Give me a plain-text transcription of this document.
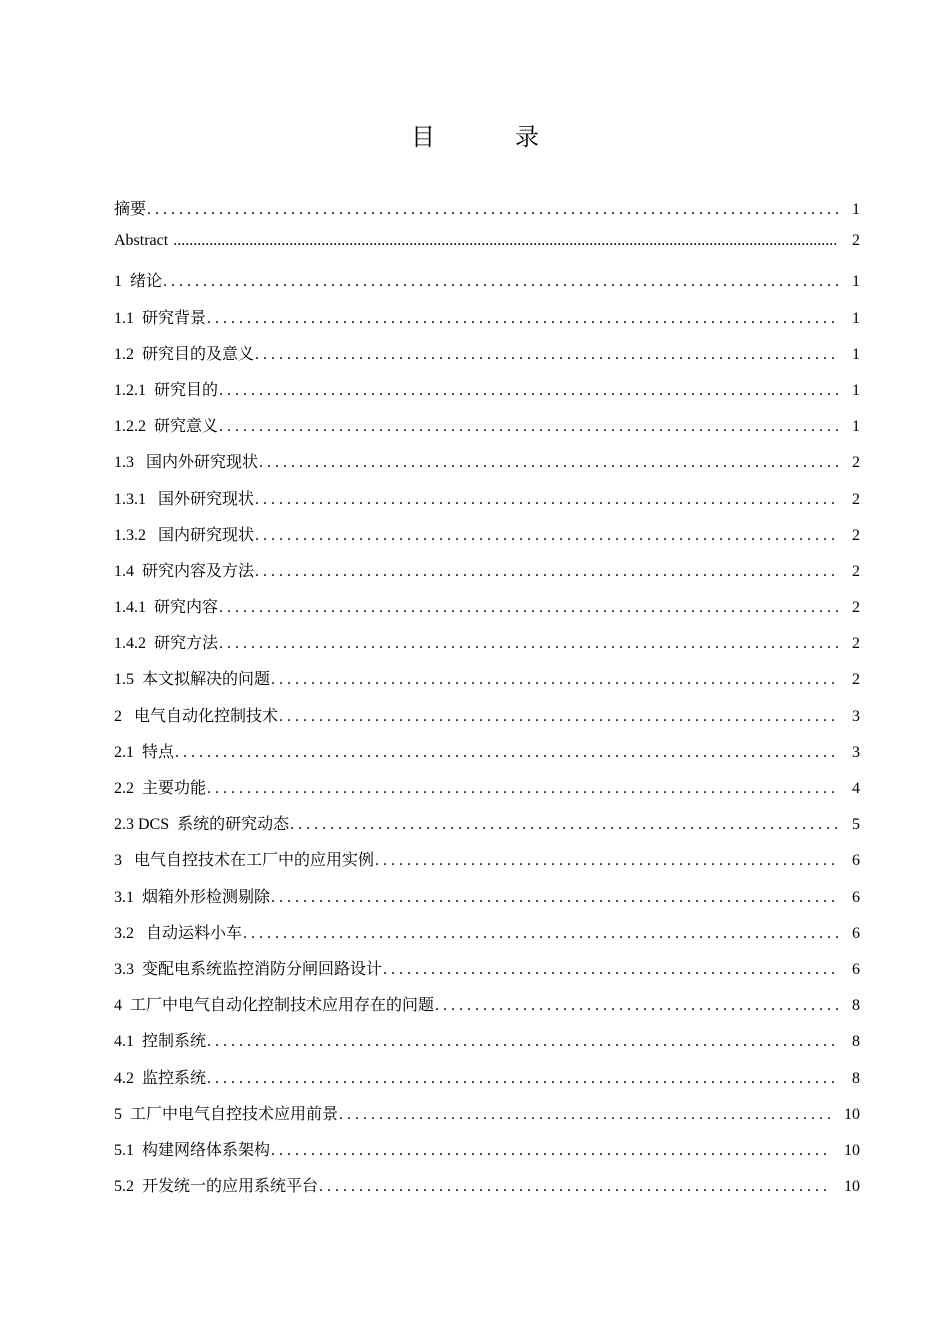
目　录
摘要 . . .	1
Abstract .....	2
1  绪论 . . .	1
1.1  研究背景 . . .	1
1.2  研究目的及意义 . . .	1
1.2.1  研究目的 . . .	1
1.2.2  研究意义 . . .	1
1.3   国内外研究现状 . . .	2
1.3.1   国外研究现状 . . .	2
1.3.2   国内研究现状 . . .	2
1.4  研究内容及方法 . . .	2
1.4.1  研究内容 . . .	2
1.4.2  研究方法 . . .	2
1.5  本文拟解决的问题 . . .	2
2   电气自动化控制技术 . . .	3
2.1  特点 . . .	3
2.2  主要功能 . . .	4
2.3 DCS  系统的研究动态 . . .	5
3   电气自控技术在工厂中的应用实例 . . .	6
3.1  烟箱外形检测剔除 . . .	6
3.2   自动运料小车 . . .	6
3.3  变配电系统监控消防分闸回路设计 . . .	6
4  工厂中电气自动化控制技术应用存在的问题 . . .	8
4.1  控制系统 . . .	8
4.2  监控系统 . . .	8
5  工厂中电气自控技术应用前景 . . .	10
5.1  构建网络体系架构 . . .	10
5.2  开发统一的应用系统平台 . . .	10
